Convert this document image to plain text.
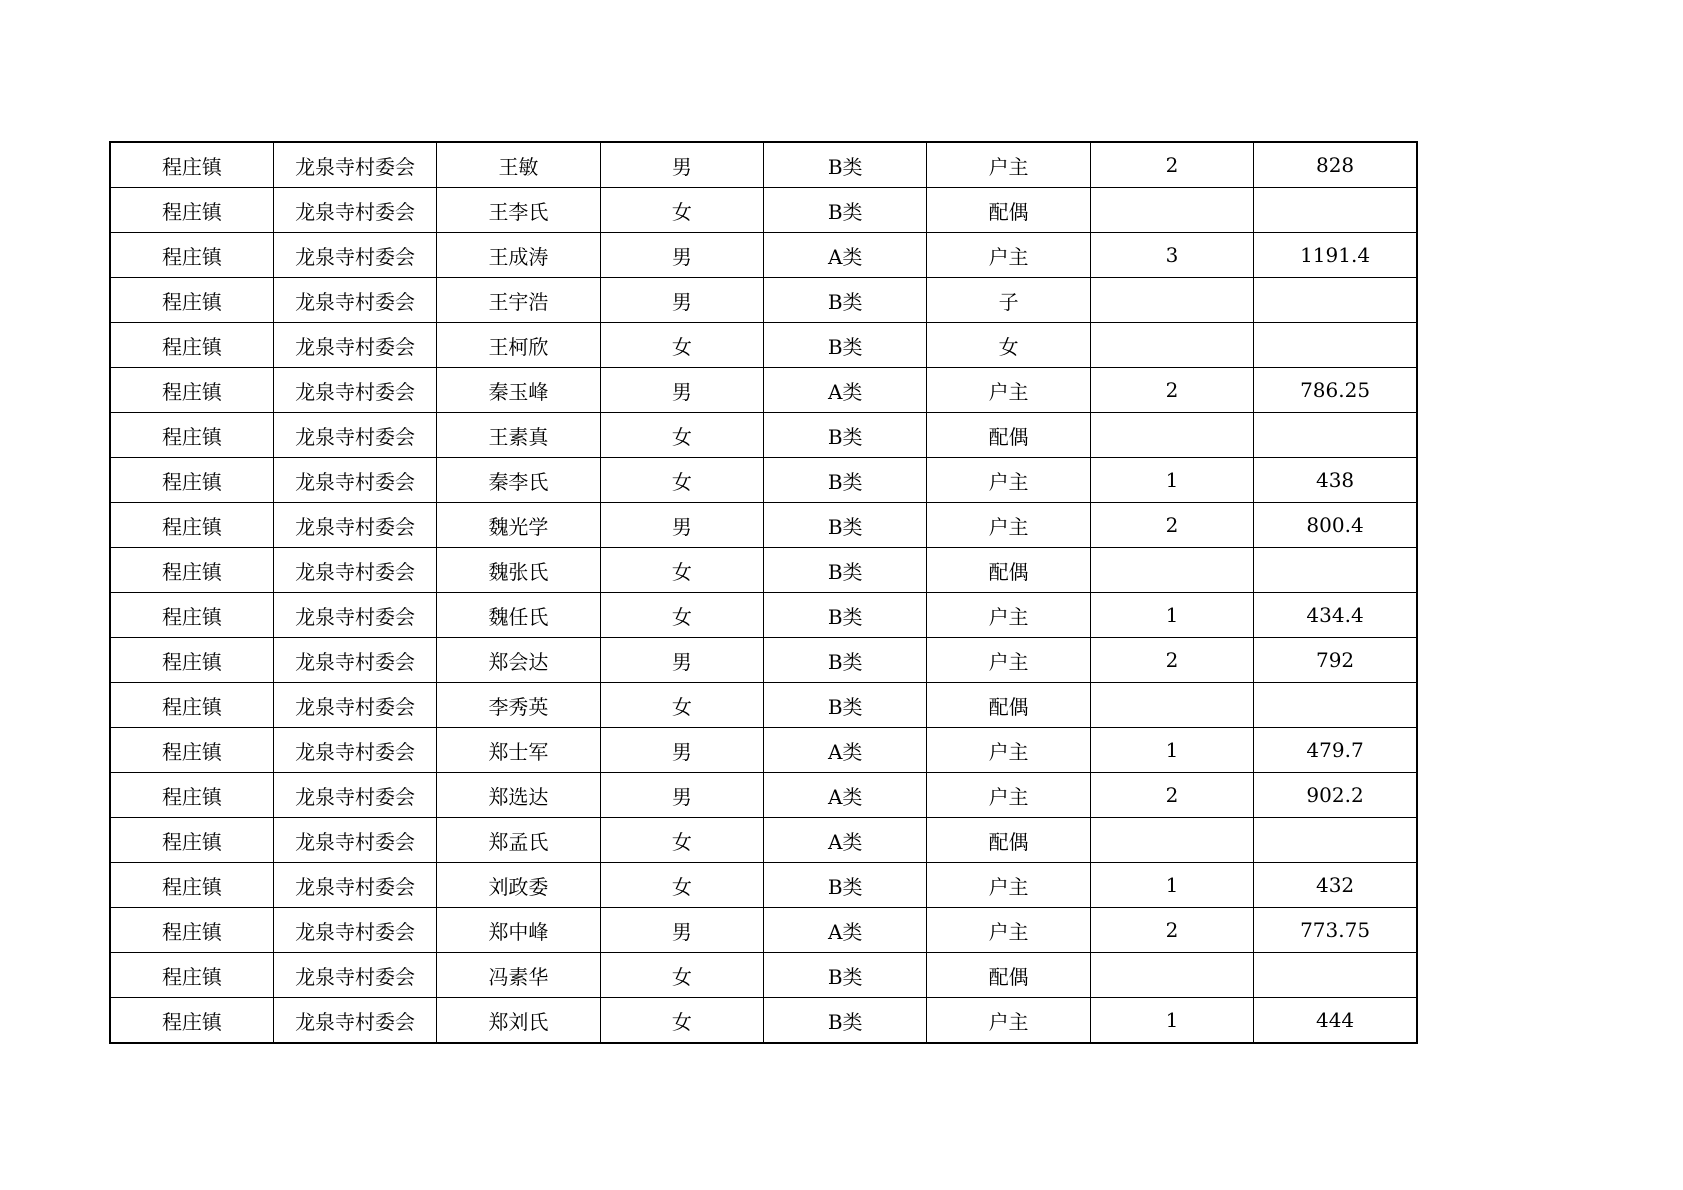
程庄镇	龙泉寺村委会	王敏	男	B类	户主	2	828
程庄镇	龙泉寺村委会	王李氏	女	B类	配偶		
程庄镇	龙泉寺村委会	王成涛	男	A类	户主	3	1191.4
程庄镇	龙泉寺村委会	王宇浩	男	B类	子		
程庄镇	龙泉寺村委会	王柯欣	女	B类	女		
程庄镇	龙泉寺村委会	秦玉峰	男	A类	户主	2	786.25
程庄镇	龙泉寺村委会	王素真	女	B类	配偶		
程庄镇	龙泉寺村委会	秦李氏	女	B类	户主	1	438
程庄镇	龙泉寺村委会	魏光学	男	B类	户主	2	800.4
程庄镇	龙泉寺村委会	魏张氏	女	B类	配偶		
程庄镇	龙泉寺村委会	魏任氏	女	B类	户主	1	434.4
程庄镇	龙泉寺村委会	郑会达	男	B类	户主	2	792
程庄镇	龙泉寺村委会	李秀英	女	B类	配偶		
程庄镇	龙泉寺村委会	郑士军	男	A类	户主	1	479.7
程庄镇	龙泉寺村委会	郑选达	男	A类	户主	2	902.2
程庄镇	龙泉寺村委会	郑孟氏	女	A类	配偶		
程庄镇	龙泉寺村委会	刘政委	女	B类	户主	1	432
程庄镇	龙泉寺村委会	郑中峰	男	A类	户主	2	773.75
程庄镇	龙泉寺村委会	冯素华	女	B类	配偶		
程庄镇	龙泉寺村委会	郑刘氏	女	B类	户主	1	444
